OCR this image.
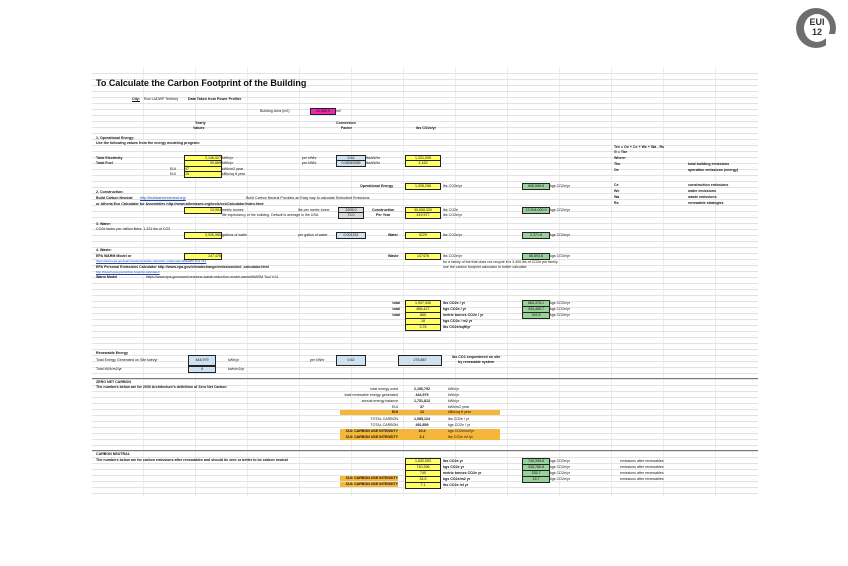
EUI
12
To Calculate the Carbon Footprint of the Building
City: Run LADWP Territory	Data Taken from Power Profiler
Building Area (m2)	41,983.9	m2
Yearly
Values
Conversion
Factor	lbs CO2e/yr
1. Operational Energy:
Use the following values from the energy modeling program:
Total Electricity	2,146,927 kWh/yr	per kWhr	0.62	lbs/kWhr	1,331,095
Total Fuel	49,869 kWh/yr	per kWhr	0.08349285	lbs/kWhr	4,163
EUI	47	kWh/m2 year
EUI	15	kBtu/sq ft year
Operational Energy	1,335,258	lbs CO2e/yr	606,598.5	kgs CO2e/yr
Tex = Oe + Ce + We + Wa - Rs
G = Tbe
Where:
Tbe	total building emissions
Oe	operation emissions (energy)
Ce	construction emissions
We	water emissions
Wa	waste emissions
Rs	renewable strategies
2. Construction:
Build Carbon Neutral: http://buildcarbonneutral.org/	Build Carbon Neutral Provides an Easy way to calculate Embodied Emissions
or Athena Eco Calculator for Assemblies http://www.athenasmi.org/tools/ecoCalculator/index.html
13,904 metric tonnes	lbs per metric tonne	2205.0
life expectancy of the building. Default is average in the USA	73.0
Construction	30,658,320	lbs CO2e
Per Year	419,977	lbs CO2e/yr
13,904,000.0 kgs CO2e/yr
3. Water:
CO2e factor per million liters: 1,331 lbs of CO2
3,926,960 gallons of water	per gallon of water	0.001331	Water	5229	lbs CO2e/yr	2,371.8	kgs CO2e/yr
4. Waste:
EPA WARM Model or	147,476	Waste	147476	lbs CO2e/yr	66,893.6	kgs CO2e/yr
https://www.epa.gov/warm/versions-waste-reduction-model-warm#WARM Tool V14	for a family of the that does not recycle it is 3,400 lbs of CO2e per family
use the carbon footprint calculator to better calculate
EPA Personal Emissions Calculator http://www.epa.gov/climatechange/emissions/ind_calculator.html
http://www3.epa.gov/carbon-footprint-calculator/
Warm Model	https://www.epa.gov/warm/versions-waste-reduction-model-warm#WARM Tool V14
total	1,907,940	lbs CO2e / yr	865,378.1	kgs CO2e/yr
total	865,427	kgs CO2e / yr	393,465.7	kgs CO2e/yr
total	865	metric tonnes CO2e / yr	393.5	kgs CO2e/yr
18	kgs CO2e / m2 yr
3.76	lbs CO2e/sqft/yr
Renewable Energy
Total Energy Generated on Site kwh/yr	444,979	kWh/yr	per kWhr	0.62	275,887
lbs CO2 sequestered on site
by renewable system
Total kWh/m2/yr	9	kwh/m2/yr
ZERO NET CARBON
The numbers below are for 2030 Architecture's definition of Zero Net Carbon	total energy used	2,196,792	kWh/yr
total renewable energy generated	444,979	kWh/yr
annual energy balance	1,751,813	kWh/yr
EUI	37	kWh/m2 year
EUI	12	kBtu/sq ft year
TOTAL CARBON	1,085,124	lbs CO2e / yr
TOTAL CARBON	492,859	kgs CO2e / yr
CUI: CARBON USE INTENSITY	10.4	kgs CO2e/m2/yr
CUI: CARBON USE INTENSITY	2.1	lbs CO2e /sf /yr
CARBON NEUTRAL
The numbers below are for carbon emissions after renewables and should be zero or better to be carbon neutral	1,632,053	lbs CO2e yr	740,395.5	kgs CO2e/yr	emissions after renewables
740,396	kgs CO2e yr	335,786.8	kgs CO2e/yr	emissions after renewables
740	metric tonnes CO2e yr	335.7	kgs CO2e/yr	emissions after renewables
CUI: CARBON USE INTENSITY	34.6	kgs CO2e/m2 yr	15.7	kgs CO2e/yr	emissions after renewables
CUI: CARBON USE INTENSITY	7.1	lbs CO2e /sf yr
